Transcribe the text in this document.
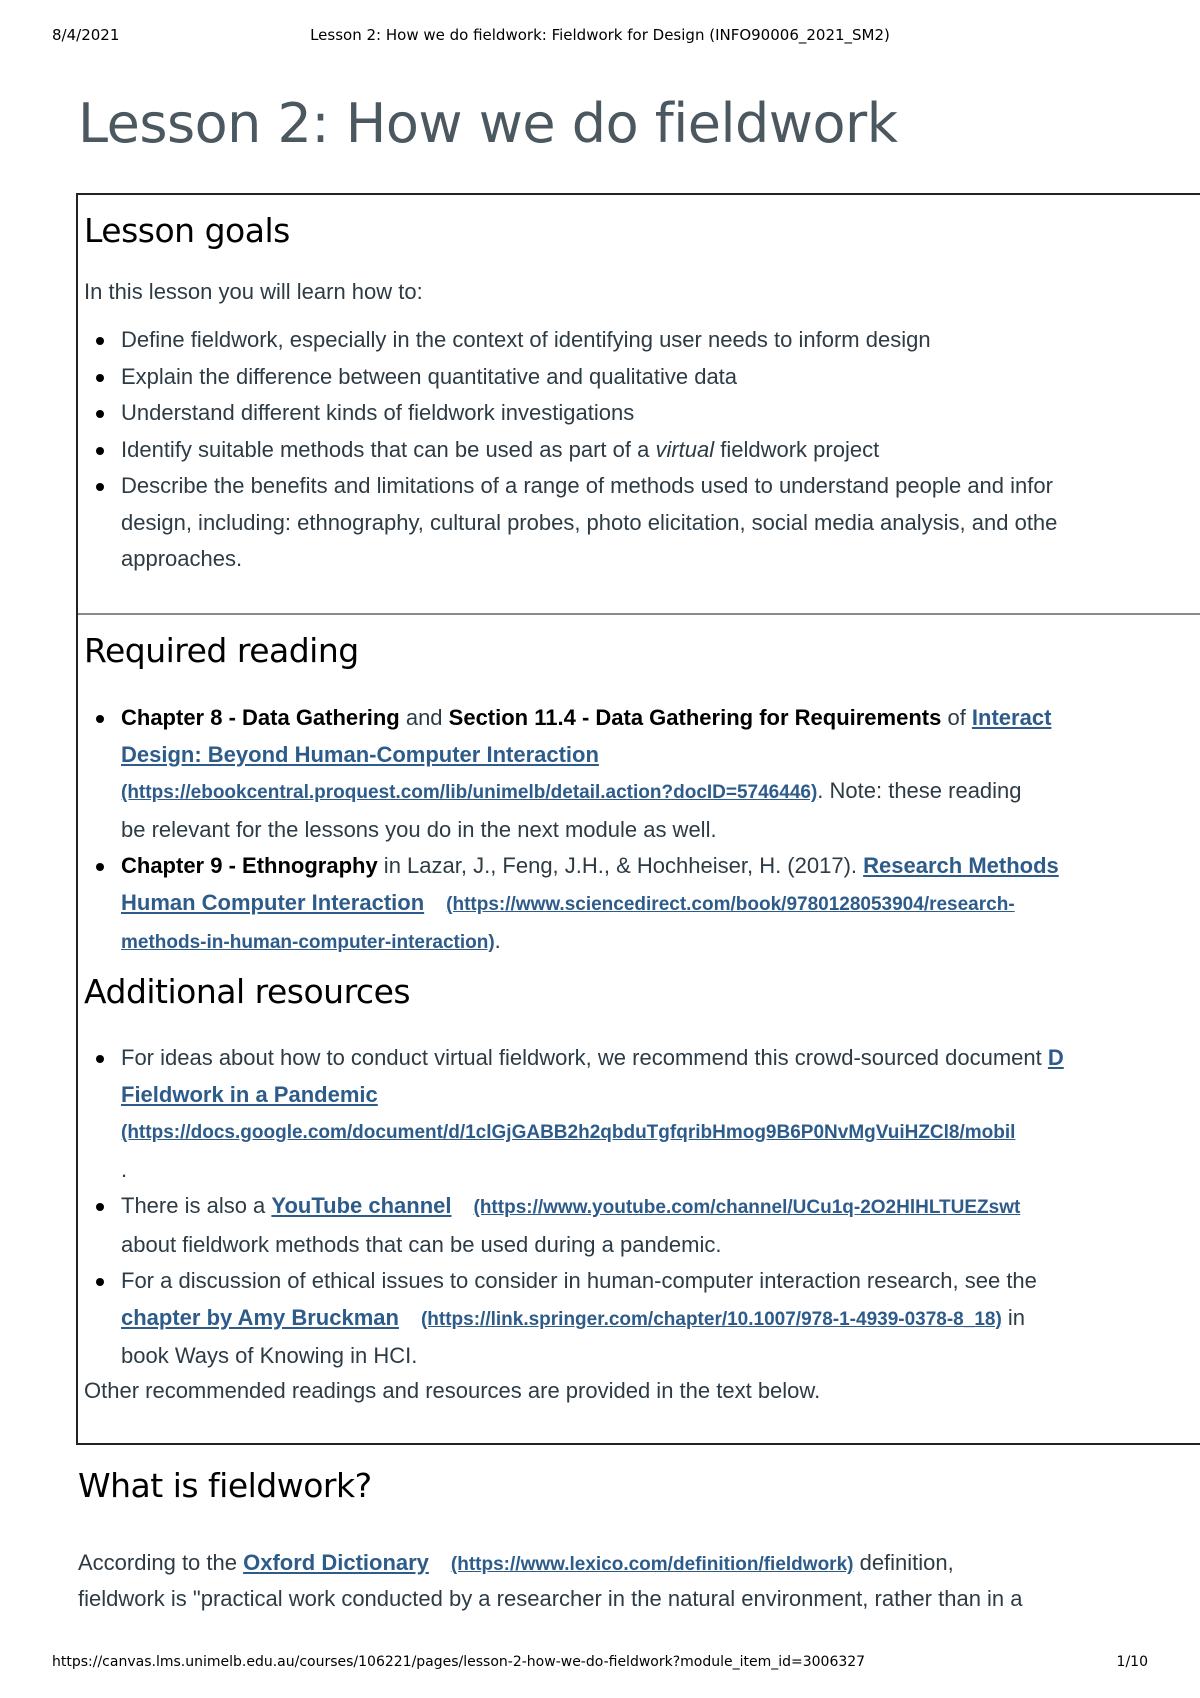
8/4/2021	Lesson 2: How we do fieldwork: Fieldwork for Design (INFO90006_2021_SM2)
Lesson 2: How we do fieldwork
Lesson goals

In this lesson you will learn how to:

Define fieldwork, especially in the context of identifying user needs to inform design
Explain the difference between quantitative and qualitative data
Understand different kinds of fieldwork investigations
Identify suitable methods that can be used as part of a virtual fieldwork project
Describe the benefits and limitations of a range of methods used to understand people and infor
design, including: ethnography, cultural probes, photo elicitation, social media analysis, and othe
approaches.
Required reading
Chapter 8 - Data Gathering and Section 11.4 - Data Gathering for Requirements of Interact
Design: Beyond Human-Computer Interaction
(https://ebookcentral.proquest.com/lib/unimelb/detail.action?docID=5746446). Note: these reading
be relevant for the lessons you do in the next module as well.
Chapter 9 - Ethnography in Lazar, J., Feng, J.H., & Hochheiser, H. (2017). Research Methods
Human Computer Interaction (https://www.sciencedirect.com/book/9780128053904/research-
methods-in-human-computer-interaction).
Additional resources
For ideas about how to conduct virtual fieldwork, we recommend this crowd-sourced document D
Fieldwork in a Pandemic
(https://docs.google.com/document/d/1clGjGABB2h2qbduTgfqribHmog9B6P0NvMgVuiHZCl8/mobil
.
There is also a YouTube channel (https://www.youtube.com/channel/UCu1q-2O2HlHLTUEZswt
about fieldwork methods that can be used during a pandemic.
For a discussion of ethical issues to consider in human-computer interaction research, see the
chapter by Amy Bruckman (https://link.springer.com/chapter/10.1007/978-1-4939-0378-8_18) in
book Ways of Knowing in HCI.

Other recommended readings and resources are provided in the text below.

What is fieldwork?

According to the Oxford Dictionary (https://www.lexico.com/definition/fieldwork) definition,

fieldwork is "practical work conducted by a researcher in the natural environment, rather than in a

https://canvas.lms.unimelb.edu.au/courses/106221/pages/lesson-2-how-we-do-fieldwork?module_item_id=3006327	1/10
